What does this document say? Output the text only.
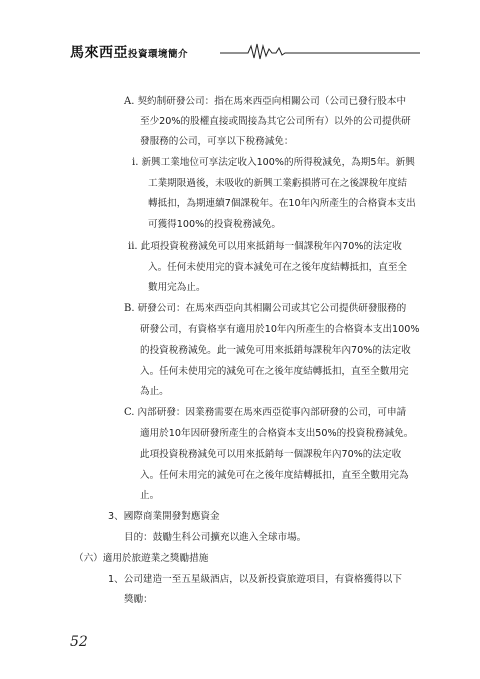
馬來西亞投資環境簡介
A. 契約制研發公司：指在馬來西亞向相關公司（公司已發行股本中
至少20%的股權直接或間接為其它公司所有）以外的公司提供研
發服務的公司，可享以下稅務減免：
i. 新興工業地位可享法定收入100%的所得稅減免，為期5年。新興
工業期限過後，未吸收的新興工業虧損將可在之後課稅年度結
轉抵扣，為期連續7個課稅年。在10年內所產生的合格資本支出
可獲得100%的投資稅務減免。
ii. 此項投資稅務減免可以用來抵銷每一個課稅年內70%的法定收
入。任何未使用完的資本減免可在之後年度結轉抵扣，直至全
數用完為止。
B. 研發公司：在馬來西亞向其相關公司或其它公司提供研發服務的
研發公司，有資格享有適用於10年內所產生的合格資本支出100%
的投資稅務減免。此一減免可用來抵銷每課稅年內70%的法定收
入。任何未使用完的減免可在之後年度結轉抵扣，直至全數用完
為止。
C. 內部研發：因業務需要在馬來西亞從事內部研發的公司，可申請
適用於10年因研發所產生的合格資本支出50%的投資稅務減免。
此項投資稅務減免可以用來抵銷每一個課稅年內70%的法定收
入。任何未用完的減免可在之後年度結轉抵扣，直至全數用完為
止。
3、國際商業開發對應資金
目的：鼓勵生科公司擴充以進入全球市場。
（六）適用於旅遊業之獎勵措施
1、公司建造一至五星級酒店，以及新投資旅遊項目，有資格獲得以下
獎勵：
52
